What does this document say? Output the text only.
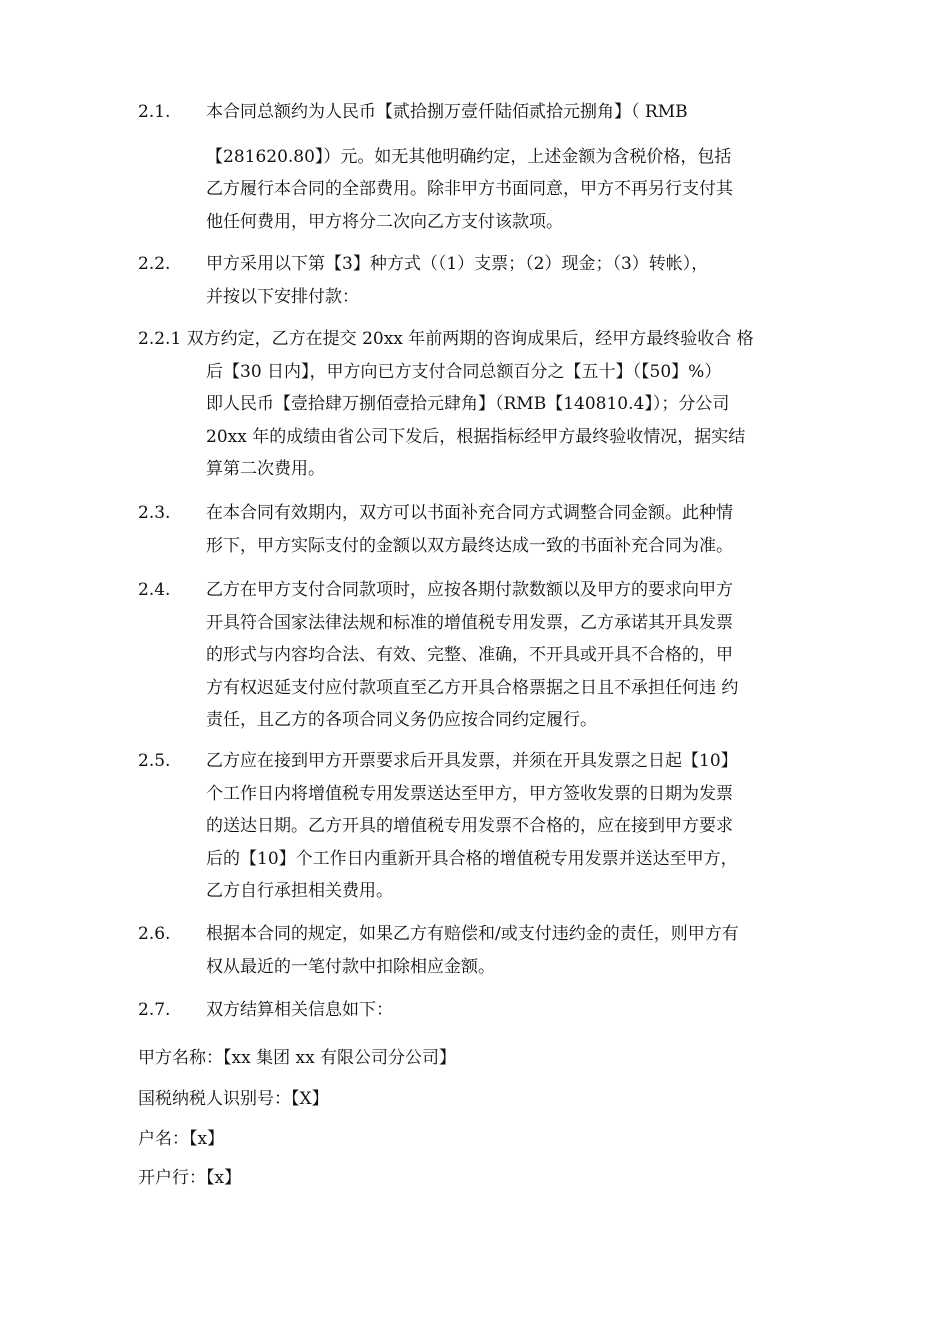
2.1. 本合同总额约为人民币【贰拾捌万壹仟陆佰贰拾元捌角】（ RMB
【281620.80】）元。如无其他明确约定，上述金额为含税价格，包括
乙方履行本合同的全部费用。除非甲方书面同意，甲方不再另行支付其
他任何费用，甲方将分二次向乙方支付该款项。
2.2. 甲方采用以下第【3】种方式（（1）支票；（2）现金；（3）转帐），
并按以下安排付款：
2.2.1 双方约定，乙方在提交 20xx 年前两期的咨询成果后，经甲方最终验收合 格
后【30 日内】，甲方向已方支付合同总额百分之【五十】（【50】%）
即人民币【壹拾肆万捌佰壹拾元肆角】（RMB【140810.4】）；分公司
20xx 年的成绩由省公司下发后，根据指标经甲方最终验收情况，据实结
算第二次费用。
2.3. 在本合同有效期内，双方可以书面补充合同方式调整合同金额。此种情
形下，甲方实际支付的金额以双方最终达成一致的书面补充合同为准。
2.4. 乙方在甲方支付合同款项时，应按各期付款数额以及甲方的要求向甲方
开具符合国家法律法规和标准的增值税专用发票，乙方承诺其开具发票
的形式与内容均合法、有效、完整、准确，不开具或开具不合格的，甲
方有权迟延支付应付款项直至乙方开具合格票据之日且不承担任何违 约
责任，且乙方的各项合同义务仍应按合同约定履行。
2.5. 乙方应在接到甲方开票要求后开具发票，并须在开具发票之日起【10】
个工作日内将增值税专用发票送达至甲方，甲方签收发票的日期为发票
的送达日期。乙方开具的增值税专用发票不合格的，应在接到甲方要求
后的【10】个工作日内重新开具合格的增值税专用发票并送达至甲方，
乙方自行承担相关费用。
2.6. 根据本合同的规定，如果乙方有赔偿和/或支付违约金的责任，则甲方有
权从最近的一笔付款中扣除相应金额。
2.7. 双方结算相关信息如下：
甲方名称：【xx 集团 xx 有限公司分公司】
国税纳税人识别号：【X】
户名：【x】
开户行：【x】
